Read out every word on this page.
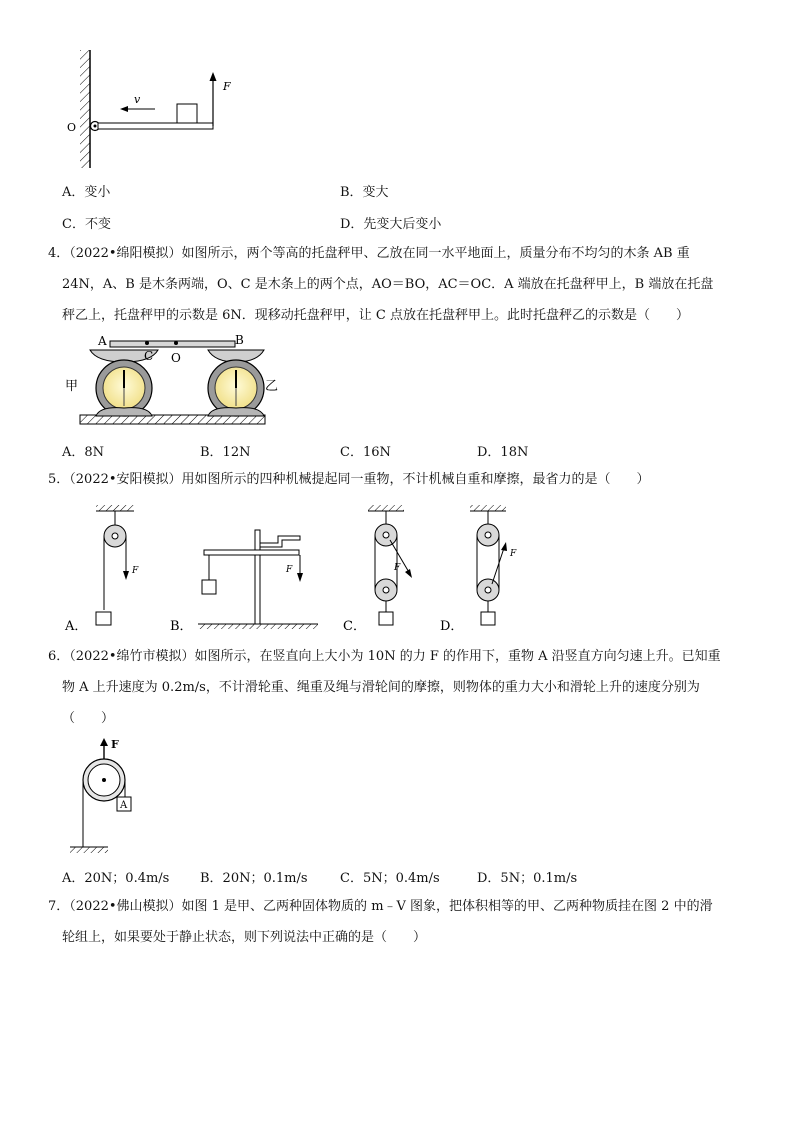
v
F
O
A．变小	B．变大
C．不变	D．先变大后变小
4．（2022•绵阳模拟）如图所示，两个等高的托盘秤甲、乙放在同一水平地面上，质量分布不均匀的木条 AB 重
24N，A、B 是木条两端，O、C 是木条上的两个点，AO＝BO，AC＝OC．A 端放在托盘秤甲上，B 端放在托盘
秤乙上，托盘秤甲的示数是 6N．现移动托盘秤甲，让 C 点放在托盘秤甲上。此时托盘秤乙的示数是（　　）
A
C O
B
甲	乙
A．8N	B．12N	C．16N	D．18N
5．（2022•安阳模拟）用如图所示的四种机械提起同一重物，不计机械自重和摩擦，最省力的是（　　）
F
A．
F
B．
F
C．
F
D．
6．（2022•绵竹市模拟）如图所示，在竖直向上大小为 10N 的力 F 的作用下，重物 A 沿竖直方向匀速上升。已知重
物 A 上升速度为 0.2m/s，不计滑轮重、绳重及绳与滑轮间的摩擦，则物体的重力大小和滑轮上升的速度分别为
（　　）
F
A
A．20N；0.4m/s B．20N；0.1m/s C．5N；0.4m/s	D．5N；0.1m/s
7．（2022•佛山模拟）如图 1 是甲、乙两种固体物质的 m﹣V 图象，把体积相等的甲、乙两种物质挂在图 2 中的滑
轮组上，如果要处于静止状态，则下列说法中正确的是（　　）
